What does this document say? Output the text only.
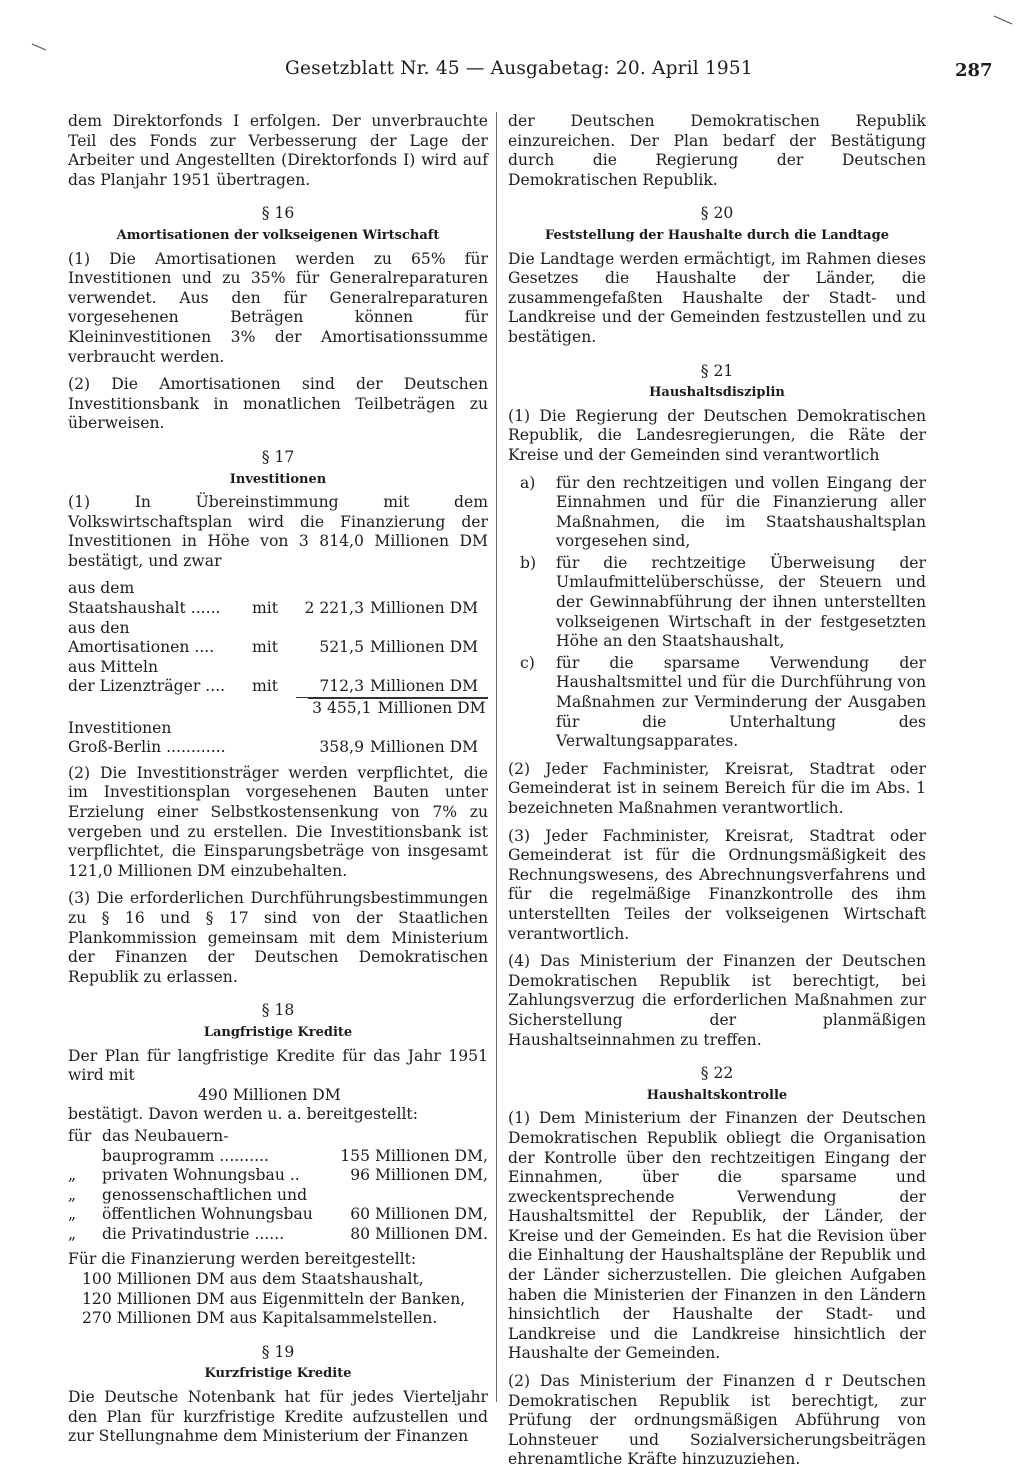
Gesetzblatt Nr. 45 — Ausgabetag: 20. April 1951	287

dem Direktorfonds I erfolgen. Der unverbrauchte Teil des Fonds zur Verbesserung der Lage der Arbeiter und Angestellten (Direktorfonds I) wird auf das Planjahr 1951 übertragen.

§ 16
Amortisationen der volkseigenen Wirtschaft

(1) Die Amortisationen werden zu 65% für Investitionen und zu 35% für Generalreparaturen verwendet. Aus den für Generalreparaturen vorgesehenen Beträgen können für Kleininvestitionen 3% der Amortisationssumme verbraucht werden.

(2) Die Amortisationen sind der Deutschen Investitionsbank in monatlichen Teilbeträgen zu überweisen.

§ 17
Investitionen

(1) In Übereinstimmung mit dem Volkswirtschaftsplan wird die Finanzierung der Investitionen in Höhe von 3 814,0 Millionen DM bestätigt, und zwar

aus dem
Staatshaushalt ......	mit	2 221,3 Millionen DM
aus den
Amortisationen ....	mit	521,5 Millionen DM
aus Mitteln
der Lizenzträger ....	mit	712,3 Millionen DM
3 455,1 Millionen DM
Investitionen
Groß-Berlin ............	358,9 Millionen DM

(2) Die Investitionsträger werden verpflichtet, die im Investitionsplan vorgesehenen Bauten unter Erzielung einer Selbstkostensenkung von 7% zu vergeben und zu erstellen. Die Investitionsbank ist verpflichtet, die Einsparungsbeträge von insgesamt 121,0 Millionen DM einzubehalten.

(3) Die erforderlichen Durchführungsbestimmungen zu § 16 und § 17 sind von der Staatlichen Plankommission gemeinsam mit dem Ministerium der Finanzen der Deutschen Demokratischen Republik zu erlassen.

§ 18
Langfristige Kredite

Der Plan für langfristige Kredite für das Jahr 1951 wird mit

490 Millionen DM
bestätigt. Davon werden u. a. bereitgestellt:
für das Neubauern-
bauprogramm ..........	155 Millionen DM,
„	privaten Wohnungsbau ..	96 Millionen DM,
„	genossenschaftlichen und
„	öffentlichen Wohnungsbau	60 Millionen DM,
„	die Privatindustrie ......	80 Millionen DM.
Für die Finanzierung werden bereitgestellt:
100 Millionen DM aus dem Staatshaushalt,
120 Millionen DM aus Eigenmitteln der Banken,
270 Millionen DM aus Kapitalsammelstellen.
§ 19
Kurzfristige Kredite

Die Deutsche Notenbank hat für jedes Vierteljahr den Plan für kurzfristige Kredite aufzustellen und zur Stellungnahme dem Ministerium der Finanzen

der Deutschen Demokratischen Republik einzureichen. Der Plan bedarf der Bestätigung durch die Regierung der Deutschen Demokratischen Republik.

§ 20
Feststellung der Haushalte durch die Landtage

Die Landtage werden ermächtigt, im Rahmen dieses Gesetzes die Haushalte der Länder, die zusammengefaßten Haushalte der Stadt- und Landkreise und der Gemeinden festzustellen und zu bestätigen.

§ 21
Haushaltsdisziplin

(1) Die Regierung der Deutschen Demokratischen Republik, die Landesregierungen, die Räte der Kreise und der Gemeinden sind verantwortlich

a)	für den rechtzeitigen und vollen Eingang der Einnahmen und für die Finanzierung aller Maßnahmen, die im Staatshaushaltsplan vorgesehen sind,
b)	für die rechtzeitige Überweisung der Umlaufmittelüberschüsse, der Steuern und der Gewinnabführung der ihnen unterstellten volkseigenen Wirtschaft in der festgesetzten Höhe an den Staatshaushalt,
c)	für die sparsame Verwendung der Haushaltsmittel und für die Durchführung von Maßnahmen zur Verminderung der Ausgaben für die Unterhaltung des Verwaltungsapparates.

(2) Jeder Fachminister, Kreisrat, Stadtrat oder Gemeinderat ist in seinem Bereich für die im Abs. 1 bezeichneten Maßnahmen verantwortlich.

(3) Jeder Fachminister, Kreisrat, Stadtrat oder Gemeinderat ist für die Ordnungsmäßigkeit des Rechnungswesens, des Abrechnungsverfahrens und für die regelmäßige Finanzkontrolle des ihm unterstellten Teiles der volkseigenen Wirtschaft verantwortlich.

(4) Das Ministerium der Finanzen der Deutschen Demokratischen Republik ist berechtigt, bei Zahlungsverzug die erforderlichen Maßnahmen zur Sicherstellung der planmäßigen Haushaltseinnahmen zu treffen.

§ 22
Haushaltskontrolle

(1) Dem Ministerium der Finanzen der Deutschen Demokratischen Republik obliegt die Organisation der Kontrolle über den rechtzeitigen Eingang der Einnahmen, über die sparsame und zweckentsprechende Verwendung der Haushaltsmittel der Republik, der Länder, der Kreise und der Gemeinden. Es hat die Revision über die Einhaltung der Haushaltspläne der Republik und der Länder sicherzustellen. Die gleichen Aufgaben haben die Ministerien der Finanzen in den Ländern hinsichtlich der Haushalte der Stadt- und Landkreise und die Landkreise hinsichtlich der Haushalte der Gemeinden.

(2) Das Ministerium der Finanzen d r Deutschen Demokratischen Republik ist berechtigt, zur Prüfung der ordnungsmäßigen Abführung von Lohnsteuer und Sozialversicherungsbeiträgen ehrenamtliche Kräfte hinzuzuziehen.
